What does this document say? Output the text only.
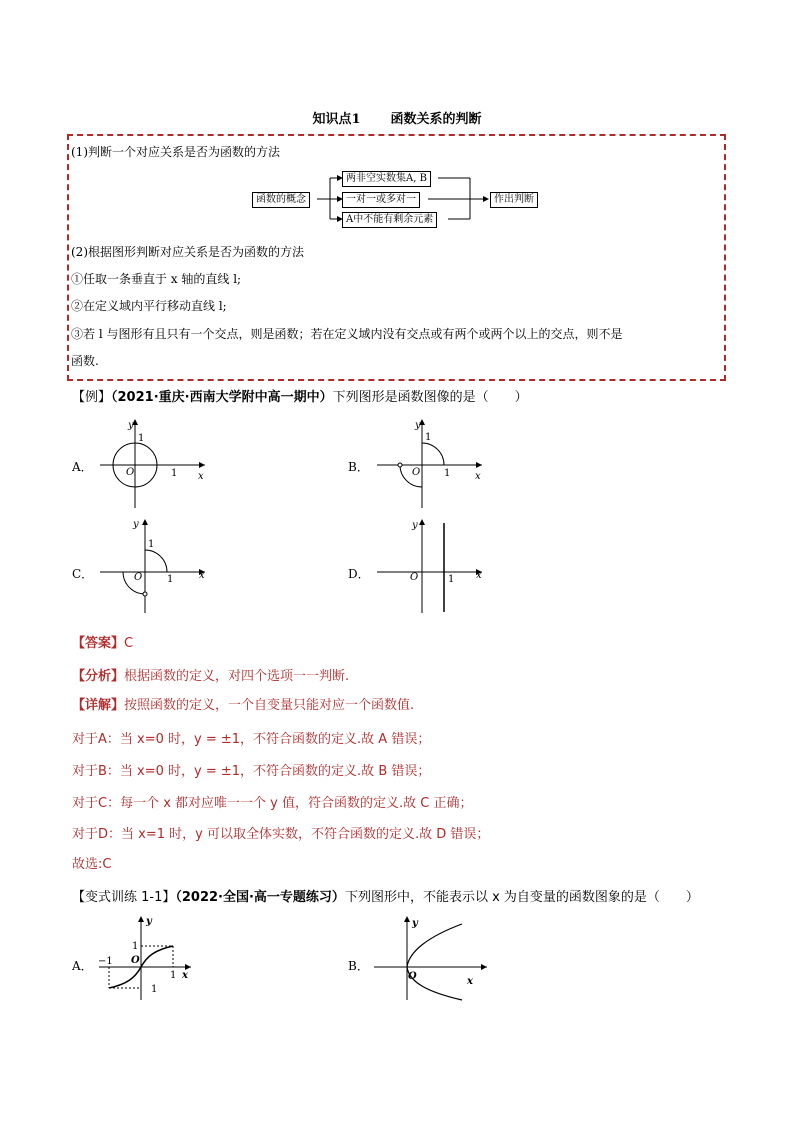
知识点1 函数关系的判断
(1)判断一个对应关系是否为函数的方法
函数的概念
两非空实数集A, B
一对一或多对一
A中不能有剩余元素
作出判断
(2)根据图形判断对应关系是否为函数的方法
①任取一条垂直于 x 轴的直线 l;
②在定义域内平行移动直线 l;
③若 l 与图形有且只有一个交点，则是函数；若在定义域内没有交点或有两个或两个以上的交点，则不是
函数.
【例】（2021·重庆·西南大学附中高一期中）下列图形是函数图像的是（　　）
A．	B．
C．	D．
y
x
O	1
1
y
x
O 1
1
y
x
O 1
1
y
x
O	1
【答案】C
【分析】根据函数的定义，对四个选项一一判断.
【详解】按照函数的定义，一个自变量只能对应一个函数值.
对于A：当 x=0 时，y = ±1，不符合函数的定义.故 A 错误；
对于B：当 x=0 时，y = ±1，不符合函数的定义.故 B 错误；
对于C：每一个 x 都对应唯一一个 y 值，符合函数的定义.故 C 正确；
对于D：当 x=1 时，y 可以取全体实数，不符合函数的定义.故 D 错误；
故选:C
【变式训练 1-1】（2022·全国·高一专题练习）下列图形中，不能表示以 x 为自变量的函数图象的是（　　）
A．	B．
y
x
O
−1
1
1
1
y
x
O
